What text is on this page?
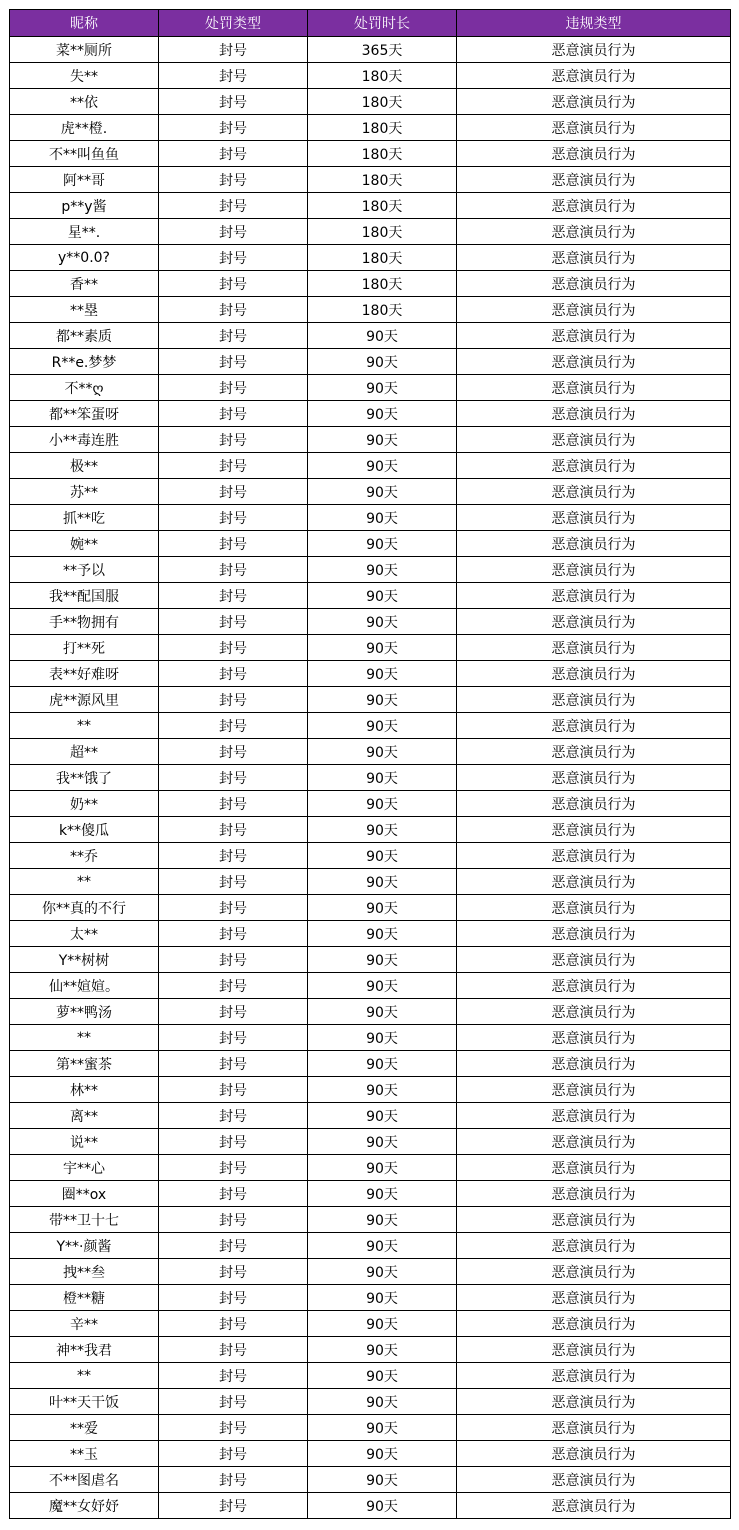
昵称	处罚类型	处罚时长	违规类型
菜**厕所	封号	365天	恶意演员行为
失**	封号	180天	恶意演员行为
**依	封号	180天	恶意演员行为
虎**橙.	封号	180天	恶意演员行为
不**叫鱼鱼	封号	180天	恶意演员行为
阿**哥	封号	180天	恶意演员行为
p**y酱	封号	180天	恶意演员行为
星**.	封号	180天	恶意演员行为
y**0.0?	封号	180天	恶意演员行为
香**	封号	180天	恶意演员行为
**塁	封号	180天	恶意演员行为
都**素质	封号	90天	恶意演员行为
R**e.梦梦	封号	90天	恶意演员行为
不**ღ	封号	90天	恶意演员行为
都**笨蛋呀	封号	90天	恶意演员行为
小**毒连胜	封号	90天	恶意演员行为
极**	封号	90天	恶意演员行为
苏**	封号	90天	恶意演员行为
抓**吃	封号	90天	恶意演员行为
婉**	封号	90天	恶意演员行为
**予以	封号	90天	恶意演员行为
我**配国服	封号	90天	恶意演员行为
手**物拥有	封号	90天	恶意演员行为
打**死	封号	90天	恶意演员行为
表**好难呀	封号	90天	恶意演员行为
虎**源风里	封号	90天	恶意演员行为
**	封号	90天	恶意演员行为
超**	封号	90天	恶意演员行为
我**饿了	封号	90天	恶意演员行为
奶**	封号	90天	恶意演员行为
k**傻瓜	封号	90天	恶意演员行为
**乔	封号	90天	恶意演员行为
**	封号	90天	恶意演员行为
你**真的不行	封号	90天	恶意演员行为
太**	封号	90天	恶意演员行为
Y**树树	封号	90天	恶意演员行为
仙**媗媗。	封号	90天	恶意演员行为
萝**鸭汤	封号	90天	恶意演员行为
**	封号	90天	恶意演员行为
第**蜜茶	封号	90天	恶意演员行为
林**	封号	90天	恶意演员行为
离**	封号	90天	恶意演员行为
说**	封号	90天	恶意演员行为
宇**心	封号	90天	恶意演员行为
圈**ox	封号	90天	恶意演员行为
带**卫十七	封号	90天	恶意演员行为
Y**·颜酱	封号	90天	恶意演员行为
拽**叁	封号	90天	恶意演员行为
橙**糖	封号	90天	恶意演员行为
辛**	封号	90天	恶意演员行为
神**我君	封号	90天	恶意演员行为
**	封号	90天	恶意演员行为
叶**天干饭	封号	90天	恶意演员行为
**爱	封号	90天	恶意演员行为
**玉	封号	90天	恶意演员行为
不**图虐名	封号	90天	恶意演员行为
魔**女妤妤	封号	90天	恶意演员行为
